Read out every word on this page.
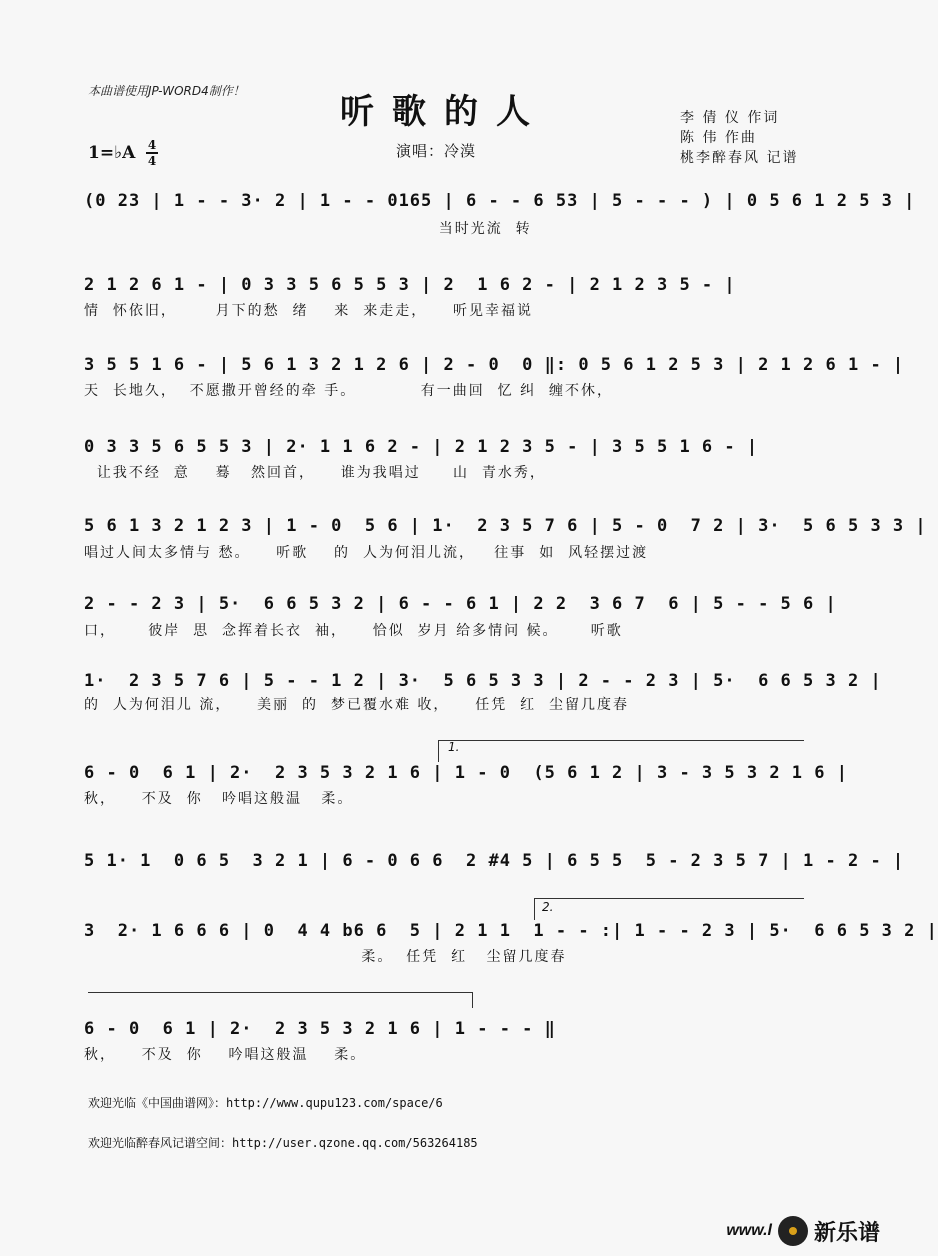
本曲谱使用JP-WORD4制作！
听歌的人
演唱：冷漠
1=♭A 4
4
李 倩 仪 作词
陈 伟 作曲
桃李醉春风 记谱
(0 23 | 1 - - 3· 2 | 1 - - 0165 | 6 - - 6 53 | 5 - - - ) | 0 5 6 1 2 5 3 |
当时光流  转
2 1 2 6 1 - | 0 3 3 5 6 5 5 3 | 2  1 6 2 - | 2 1 2 3 5 - |
情  怀依旧，      月下的愁  绪    来  来走走，    听见幸福说
3 5 5 1 6 - | 5 6 1 3 2 1 2 6 | 2 - 0  0 ‖: 0 5 6 1 2 5 3 | 2 1 2 6 1 - |
天  长地久，  不愿撒开曾经的牵 手。          有一曲回  忆 纠  缠不休，
0 3 3 5 6 5 5 3 | 2· 1 1 6 2 - | 2 1 2 3 5 - | 3 5 5 1 6 - |
让我不经  意    蓦   然回首，    谁为我唱过     山  青水秀，
5 6 1 3 2 1 2 3 | 1 - 0  5 6 | 1·  2 3 5 7 6 | 5 - 0  7 2 | 3·  5 6 5 3 3 |
唱过人间太多情与 愁。    听歌    的  人为何泪儿流，   往事  如  风轻摆过渡
2 - - 2 3 | 5·  6 6 5 3 2 | 6 - - 6 1 | 2 2  3 6 7  6 | 5 - - 5 6 |
口，     彼岸  思  念挥着长衣  袖，    恰似  岁月 给多情问 候。     听歌
1·  2 3 5 7 6 | 5 - - 1 2 | 3·  5 6 5 3 3 | 2 - - 2 3 | 5·  6 6 5 3 2 |
的  人为何泪儿 流，    美丽  的  梦已覆水难 收，    任凭  红  尘留几度春
1.
6 - 0  6 1 | 2·  2 3 5 3 2 1 6 | 1 - 0  (5 6 1 2 | 3 - 3 5 3 2 1 6 |
秋，    不及  你   吟唱这般温   柔。
5 1· 1  0 6 5  3 2 1 | 6 - 0 6 6  2 #4 5 | 6 5 5  5 - 2 3 5 7 | 1 - 2 - |
2.
3  2· 1 6 6 6 | 0  4 4 b6 6  5 | 2 1 1  1 - - :| 1 - - 2 3 | 5·  6 6 5 3 2 |
柔。  任凭  红   尘留几度春
6 - 0  6 1 | 2·  2 3 5 3 2 1 6 | 1 - - - ‖
秋，    不及  你    吟唱这般温    柔。
欢迎光临《中国曲谱网》：http://www.qupu123.com/space/6
欢迎光临醉春风记谱空间：http://user.qzone.qq.com/563264185
www.l 新乐谱
